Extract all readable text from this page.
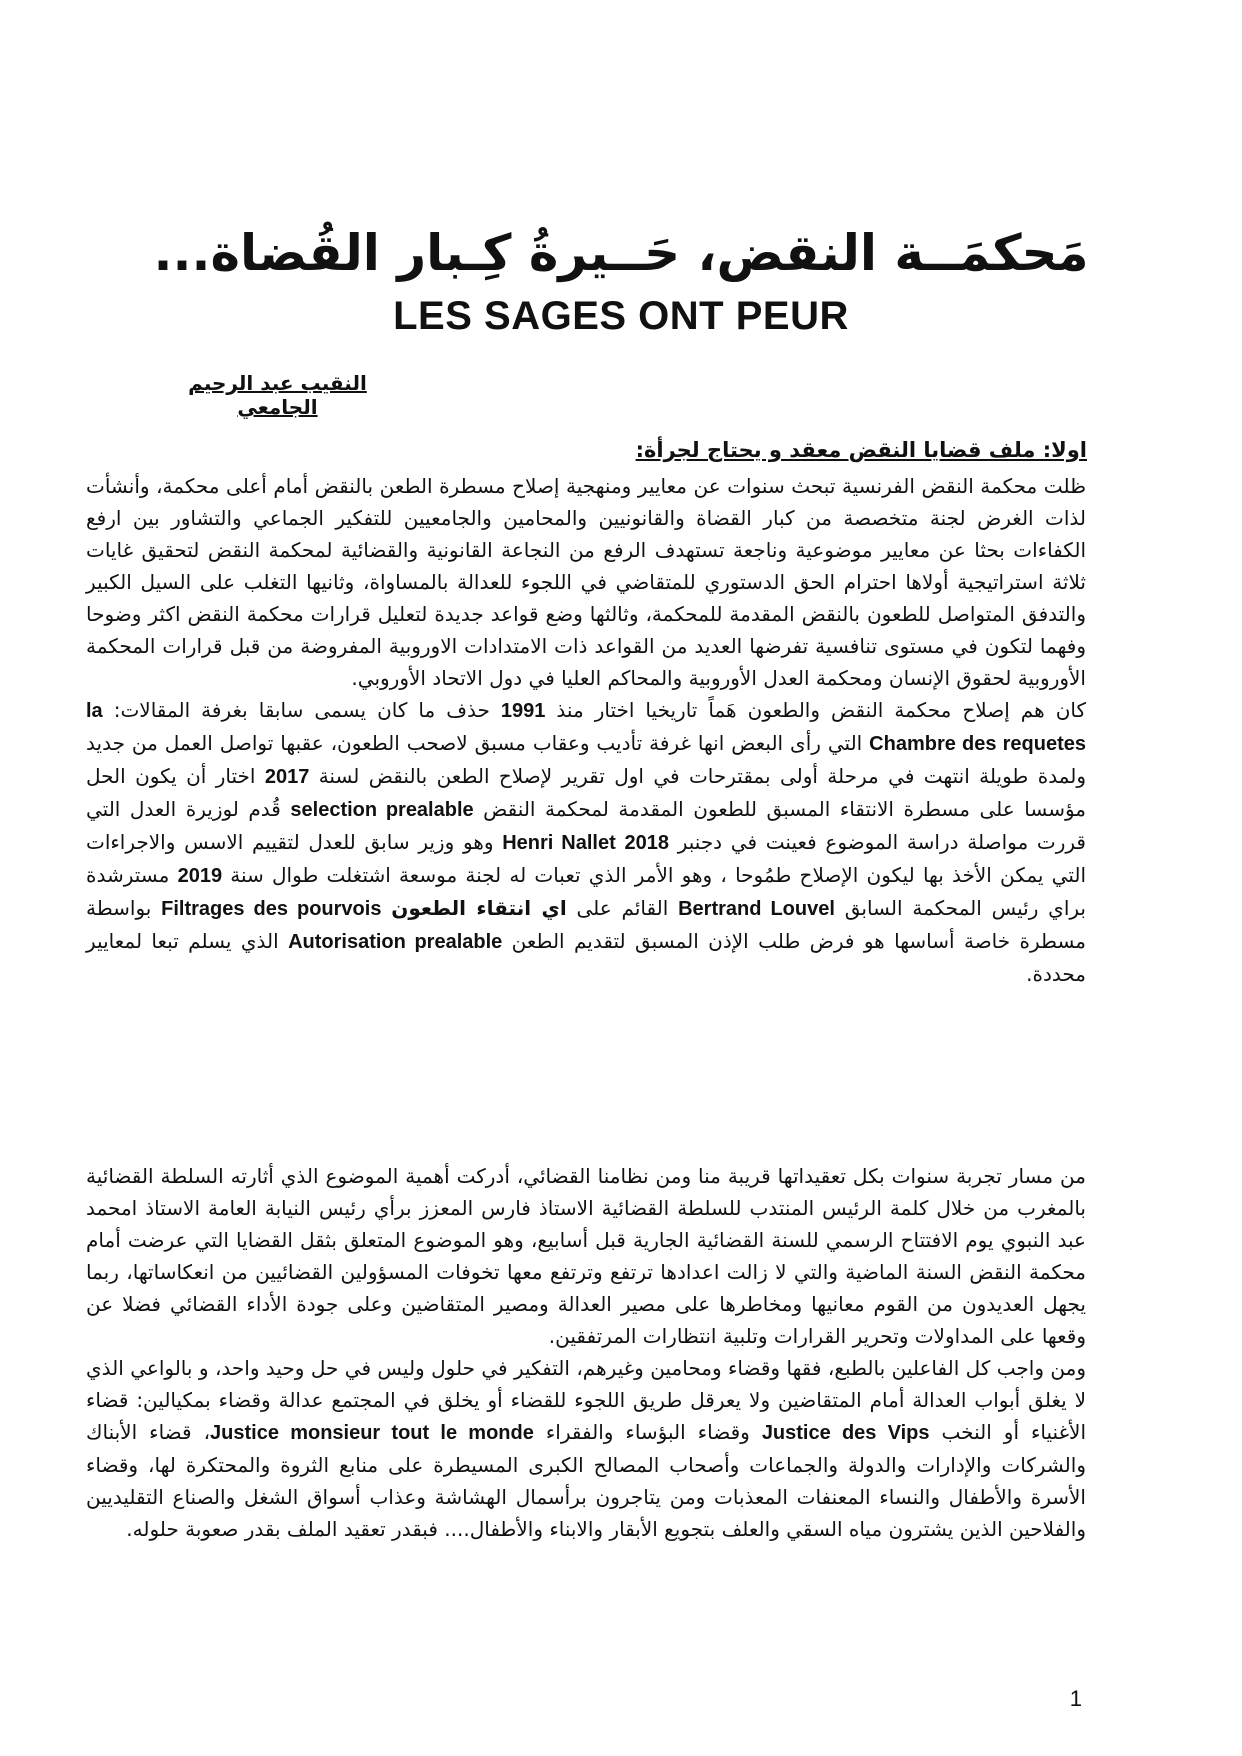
مَحكمَــة النقض، حَــيرةُ كِـبار القُضاة...
LES SAGES ONT PEUR
النقيب عبد الرحيم الجامعي
اولا: ملف قضايا النقض معقد و يحتاج لجرأة:

ظلت محكمة النقض الفرنسية تبحث سنوات عن معايير ومنهجية إصلاح مسطرة الطعن بالنقض أمام أعلى محكمة، وأنشأت لذات الغرض لجنة متخصصة من كبار القضاة والقانونيين والمحامين والجامعيين للتفكير الجماعي والتشاور بين ارفع الكفاءات بحثا عن معايير موضوعية وناجعة تستهدف الرفع من النجاعة القانونية والقضائية لمحكمة النقض لتحقيق غايات ثلاثة استراتيجية أولاها احترام الحق الدستوري للمتقاضي في اللجوء للعدالة بالمساواة، وثانيها التغلب على السيل الكبير والتدفق المتواصل للطعون بالنقض المقدمة للمحكمة، وثالثها وضع قواعد جديدة لتعليل قرارات محكمة النقض اكثر وضوحا وفهما لتكون في مستوى تنافسية تفرضها العديد من القواعد ذات الامتدادات الاوروبية المفروضة من قبل قرارات المحكمة الأوروبية لحقوق الإنسان ومحكمة العدل الأوروبية والمحاكم العليا في دول الاتحاد الأوروبي.

كان هم إصلاح محكمة النقض والطعون هَماً تاريخيا اختار منذ 1991 حذف ما كان يسمى سابقا بغرفة المقالات: la Chambre des requetes التي رأى البعض انها غرفة تأديب وعقاب مسبق لاصحب الطعون، عقبها تواصل العمل من جديد ولمدة طويلة انتهت في مرحلة أولى بمقترحات في اول تقرير لإصلاح الطعن بالنقض لسنة 2017 اختار أن يكون الحل مؤسسا على مسطرة الانتقاء المسبق للطعون المقدمة لمحكمة النقض selection prealable قُدم لوزيرة العدل التي قررت مواصلة دراسة الموضوع فعينت في دجنبر 2018 Henri Nallet وهو وزير سابق للعدل لتقييم الاسس والاجراءات التي يمكن الأخذ بها ليكون الإصلاح طمُوحا ، وهو الأمر الذي تعبات له لجنة موسعة اشتغلت طوال سنة 2019 مسترشدة براي رئيس المحكمة السابق Bertrand Louvel القائم على اي انتقاء الطعون Filtrages des pourvois بواسطة مسطرة خاصة أساسها هو فرض طلب الإذن المسبق لتقديم الطعن Autorisation prealable الذي يسلم تبعا لمعايير محددة.

من مسار تجربة سنوات بكل تعقيداتها قريبة منا ومن نظامنا القضائي، أدركت أهمية الموضوع الذي أثارته السلطة القضائية بالمغرب من خلال كلمة الرئيس المنتدب للسلطة القضائية الاستاذ فارس المعزز برأي رئيس النيابة العامة الاستاذ امحمد عبد النبوي يوم الافتتاح الرسمي للسنة القضائية الجارية قبل أسابيع، وهو الموضوع المتعلق بثقل القضايا التي عرضت أمام محكمة النقض السنة الماضية والتي لا زالت اعدادها ترتفع وترتفع معها تخوفات المسؤولين القضائيين من انعكاساتها، ربما يجهل العديدون من القوم معانيها ومخاطرها على مصير العدالة ومصير المتقاضين وعلى جودة الأداء القضائي فضلا عن وقعها على المداولات وتحرير القرارات وتلبية انتظارات المرتفقين.

ومن واجب كل الفاعلين بالطبع، فقها وقضاء ومحامين وغيرهم، التفكير في حلول وليس في حل وحيد واحد، و بالواعي الذي لا يغلق أبواب العدالة أمام المتقاضين ولا يعرقل طريق اللجوء للقضاء أو يخلق في المجتمع عدالة وقضاء بمكيالين: قضاء الأغنياء أو النخب Justice des Vips وقضاء البؤساء والفقراء Justice monsieur tout le monde، قضاء الأبناك والشركات والإدارات والدولة والجماعات وأصحاب المصالح الكبرى المسيطرة على منابع الثروة والمحتكرة لها، وقضاء الأسرة والأطفال والنساء المعنفات المعذبات ومن يتاجرون برأسمال الهشاشة وعذاب أسواق الشغل والصناع التقليديين والفلاحين الذين يشترون مياه السقي والعلف بتجويع الأبقار والابناء والأطفال.... فبقدر تعقيد الملف بقدر صعوبة حلوله.

1
